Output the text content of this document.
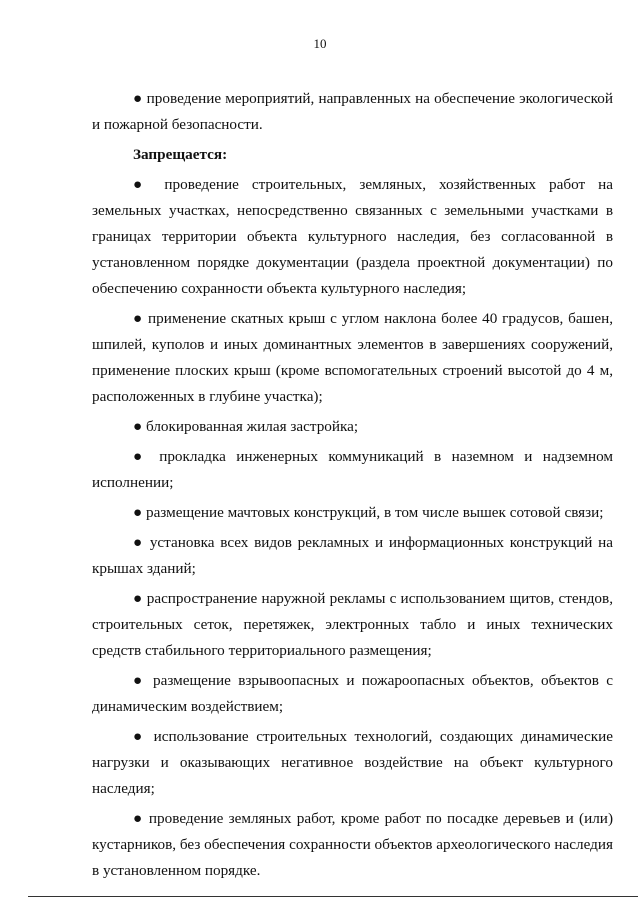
10

● проведение мероприятий, направленных на обеспечение экологической и пожарной безопасности.

Запрещается:

● проведение строительных, земляных, хозяйственных работ на земельных участках, непосредственно связанных с земельными участками в границах территории объекта культурного наследия, без согласованной в установленном порядке документации (раздела проектной документации) по обеспечению сохранности объекта культурного наследия;

● применение скатных крыш с углом наклона более 40 градусов, башен, шпилей, куполов и иных доминантных элементов в завершениях сооружений, применение плоских крыш (кроме вспомогательных строений высотой до 4 м, расположенных в глубине участка);

● блокированная жилая застройка;

● прокладка инженерных коммуникаций в наземном и надземном исполнении;

● размещение мачтовых конструкций, в том числе вышек сотовой связи;

● установка всех видов рекламных и информационных конструкций на крышах зданий;

● распространение наружной рекламы с использованием щитов, стендов, строительных сеток, перетяжек, электронных табло и иных технических средств стабильного территориального размещения;

● размещение взрывоопасных и пожароопасных объектов, объектов с динамическим воздействием;

● использование строительных технологий, создающих динамические нагрузки и оказывающих негативное воздействие на объект культурного наследия;

● проведение земляных работ, кроме работ по посадке деревьев и (или) кустарников, без обеспечения сохранности объектов археологического наследия в установленном порядке.
